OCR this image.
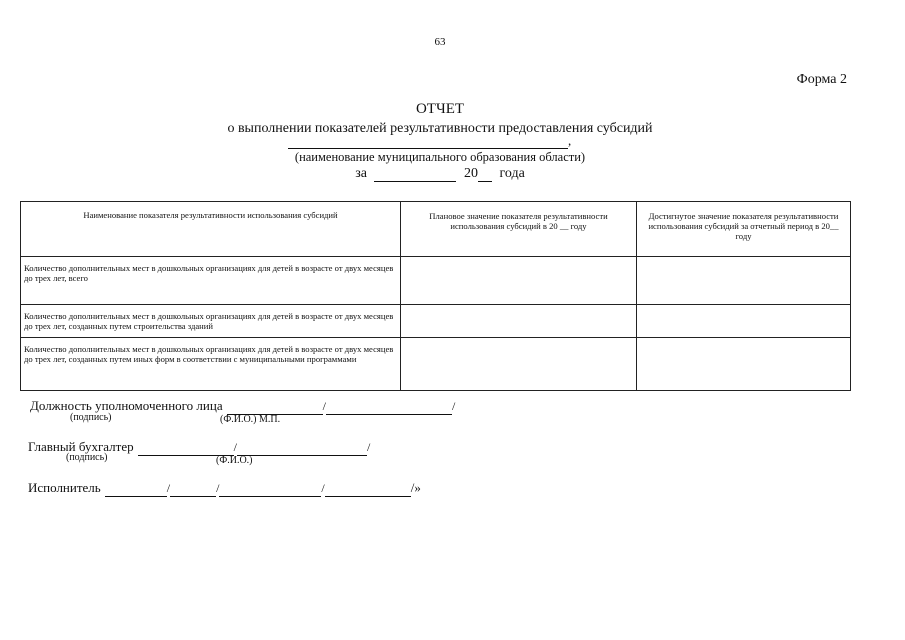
63
Форма 2
ОТЧЕТ
о выполнении показателей результативности предоставления субсидий
,
(наименование муниципального образования области)
за	20 года
Наименование показателя результативности использования субсидий	Плановое значение показателя результативности использования субсидий в 20 __ году	Достигнутое значение показателя результативности использования субсидий за отчетный период в 20__ году
Количество дополнительных мест в дошкольных организациях для детей в возрасте от двух месяцев до трех лет, всего		
Количество дополнительных мест в дошкольных организациях для детей в возрасте от двух месяцев до трех лет, созданных путем строительства зданий		
Количество дополнительных мест в дошкольных организациях для детей в возрасте от двух месяцев до трех лет, созданных путем иных форм в соответствии с муниципальными программами		
Должность уполномоченного лица	/	/
(подпись)	(Ф.И.О.) М.П.
Главный бухгалтер	/	/
(подпись)	(Ф.И.О.)
Исполнитель	/	/	/	/»
